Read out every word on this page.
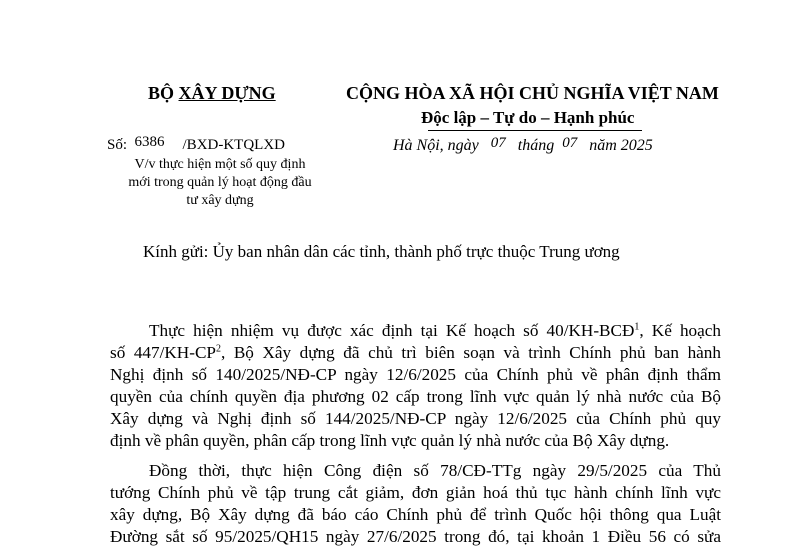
BỘ XÂY DỰNG	CỘNG HÒA XÃ HỘI CHỦ NGHĨA VIỆT NAM
Độc lập – Tự do – Hạnh phúc
Số: 6386 /BXD-KTQLXD
V/v thực hiện một số quy định
mới trong quản lý hoạt động đầu
tư xây dựng
Hà Nội, ngày 07 tháng 07 năm 2025
Kính gửi: Ủy ban nhân dân các tỉnh, thành phố trực thuộc Trung ương
Thực hiện nhiệm vụ được xác định tại Kế hoạch số 40/KH-BCĐ$^1$, Kế hoạch
số $447/KH-CP^2$, Bộ Xây dựng đã chủ trì biên soạn và trình Chính phủ ban hành
Nghị định số 140/2025/NĐ-CP ngày 12/6/2025 của Chính phủ về phân định thẩm
quyền của chính quyền địa phương 02 cấp trong lĩnh vực quản lý nhà nước của Bộ
Xây dựng và Nghị định số 144/2025/NĐ-CP ngày 12/6/2025 của Chính phủ quy
định về phân quyền, phân cấp trong lĩnh vực quản lý nhà nước của Bộ Xây dựng.
Đồng thời, thực hiện Công điện số 78/CĐ-TTg ngày 29/5/2025 của Thủ
tướng Chính phủ về tập trung cắt giảm, đơn giản hoá thủ tục hành chính lĩnh vực
xây dựng, Bộ Xây dựng đã báo cáo Chính phủ để trình Quốc hội thông qua Luật
Đường sắt số 95/2025/QH15 ngày 27/6/2025 trong đó, tại khoản 1 Điều 56 có sửa
